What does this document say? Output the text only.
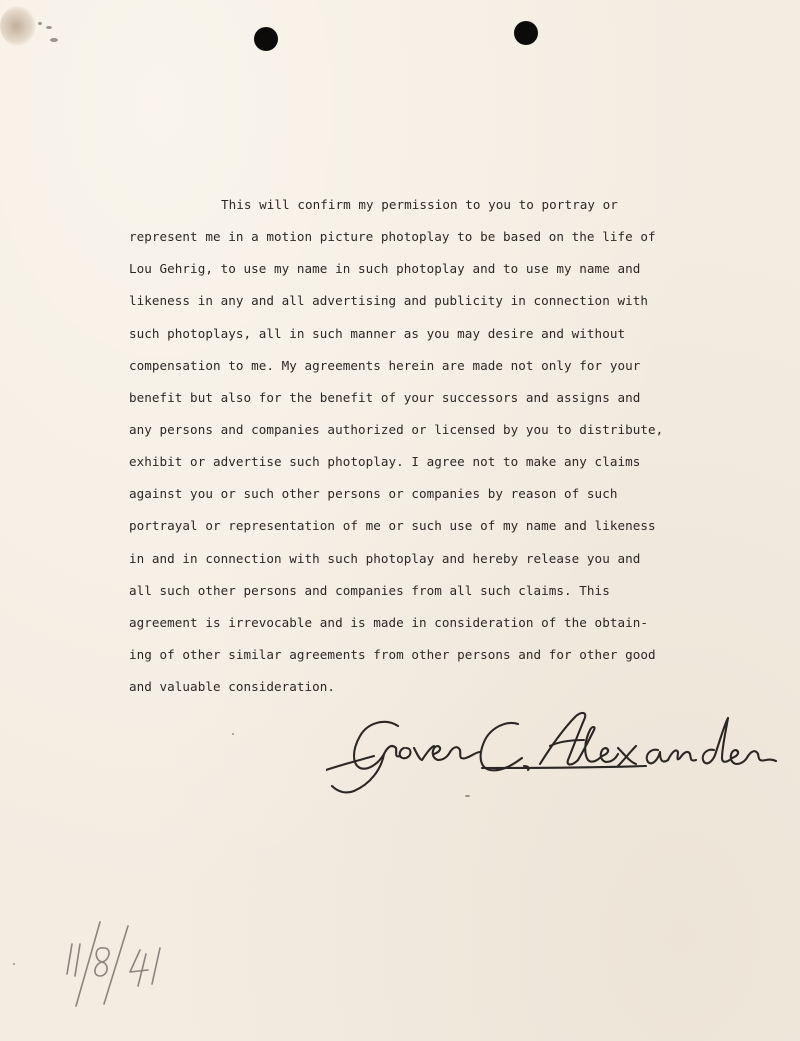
This will confirm my permission to you to portray or
represent me in a motion picture photoplay to be based on the life of
Lou Gehrig, to use my name in such photoplay and to use my name and
likeness in any and all advertising and publicity in connection with
such photoplays, all in such manner as you may desire and without
compensation to me. My agreements herein are made not only for your
benefit but also for the benefit of your successors and assigns and
any persons and companies authorized or licensed by you to distribute,
exhibit or advertise such photoplay. I agree not to make any claims
against you or such other persons or companies by reason of such
portrayal or representation of me or such use of my name and likeness
in and in connection with such photoplay and hereby release you and
all such other persons and companies from all such claims. This
agreement is irrevocable and is made in consideration of the obtain-
ing of other similar agreements from other persons and for other good
and valuable consideration.
